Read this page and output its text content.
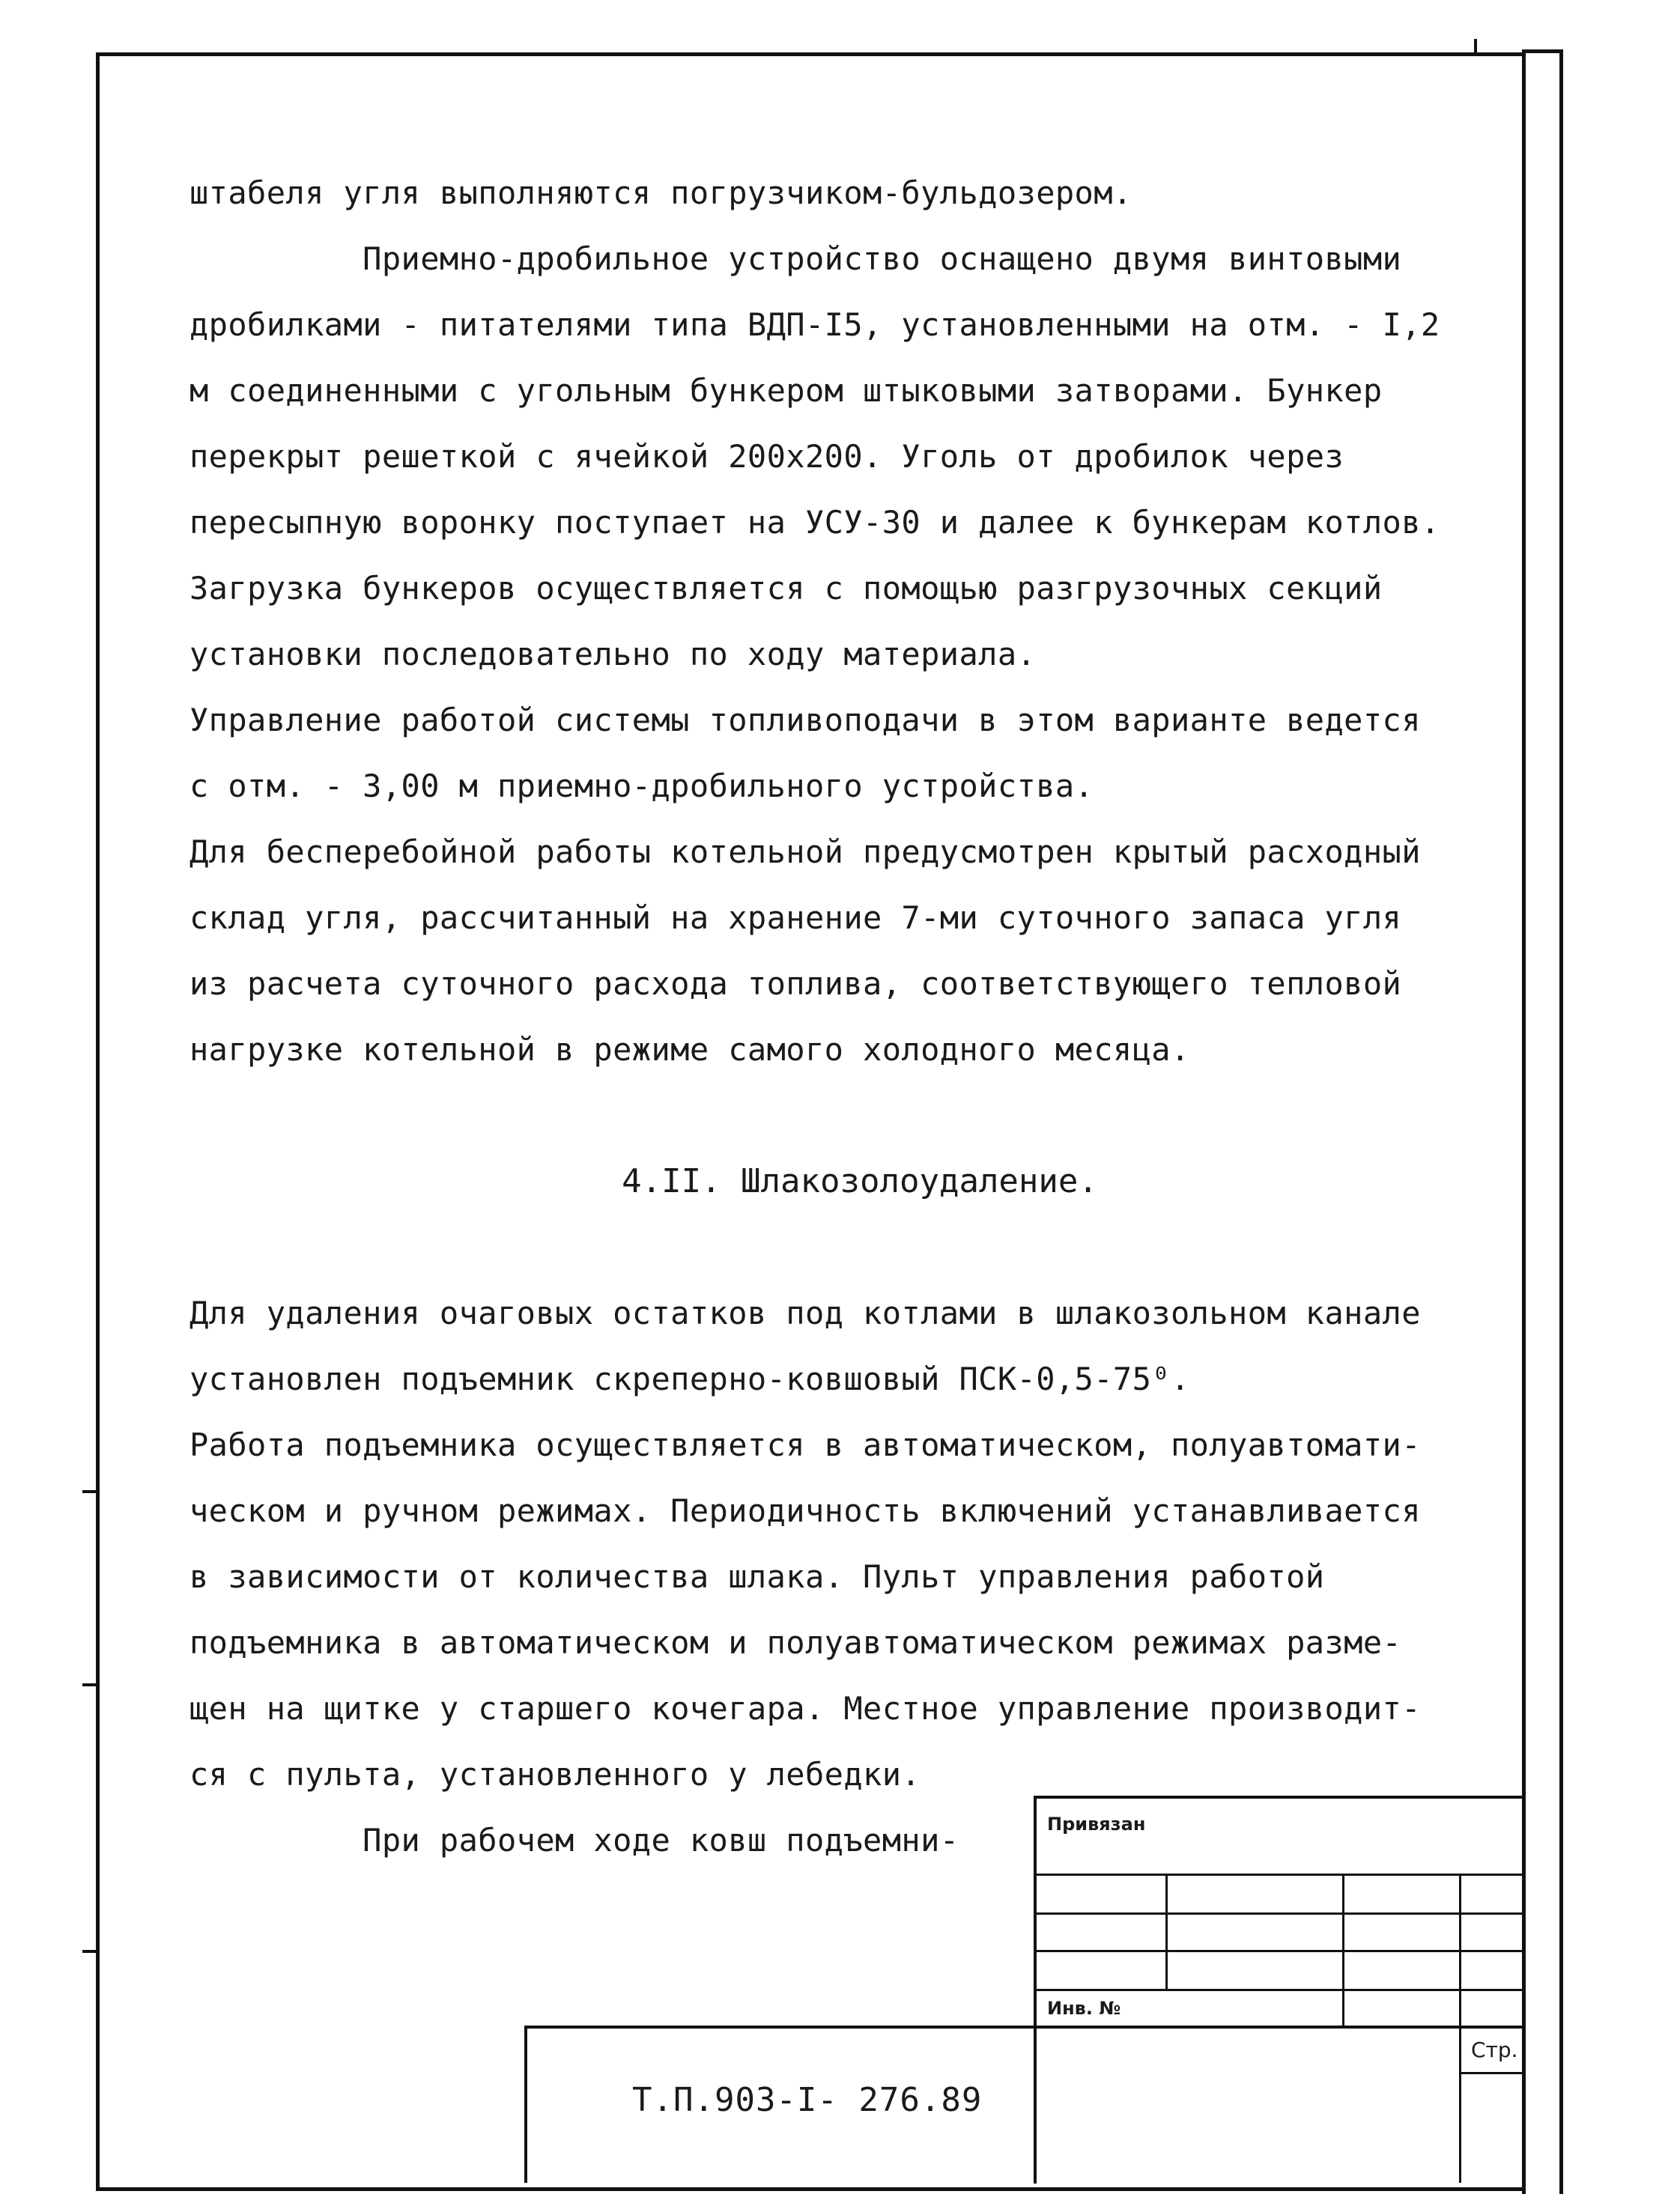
штабеля угля выполняются погрузчиком-бульдозером.
Приемно-дробильное устройство оснащено двумя винтовыми
дробилками - питателями типа ВДП-I5, установленными на отм. - I,2
м соединенными с угольным бункером штыковыми затворами. Бункер
перекрыт решеткой с ячейкой 200х200. Уголь от дробилок через
пересыпную воронку поступает на УСУ-30 и далее к бункерам котлов.
Загрузка бункеров осуществляется с помощью разгрузочных секций
установки последовательно по ходу материала.
Управление работой системы топливоподачи в этом варианте ведется
с отм. - 3,00 м приемно-дробильного устройства.
Для бесперебойной работы котельной предусмотрен крытый расходный
склад угля, рассчитанный на хранение 7-ми суточного запаса угля
из расчета суточного расхода топлива, соответствующего тепловой
нагрузке котельной в режиме самого холодного месяца.
4.II. Шлакозолоудаление.
Для удаления очаговых остатков под котлами в шлакозольном канале
установлен подъемник скреперно-ковшовый ПСК-0,5-75⁰.
Работа подъемника осуществляется в автоматическом, полуавтомати-
ческом и ручном режимах. Периодичность включений устанавливается
в зависимости от количества шлака. Пульт управления работой
подъемника в автоматическом и полуавтоматическом режимах разме-
щен на щитке у старшего кочегара. Местное управление производит-
ся с пульта, установленного у лебедки.
При рабочем ходе ковш подъемни-	Привязан
Инв. №
Т.П.903-I- 276.89
Стр.
